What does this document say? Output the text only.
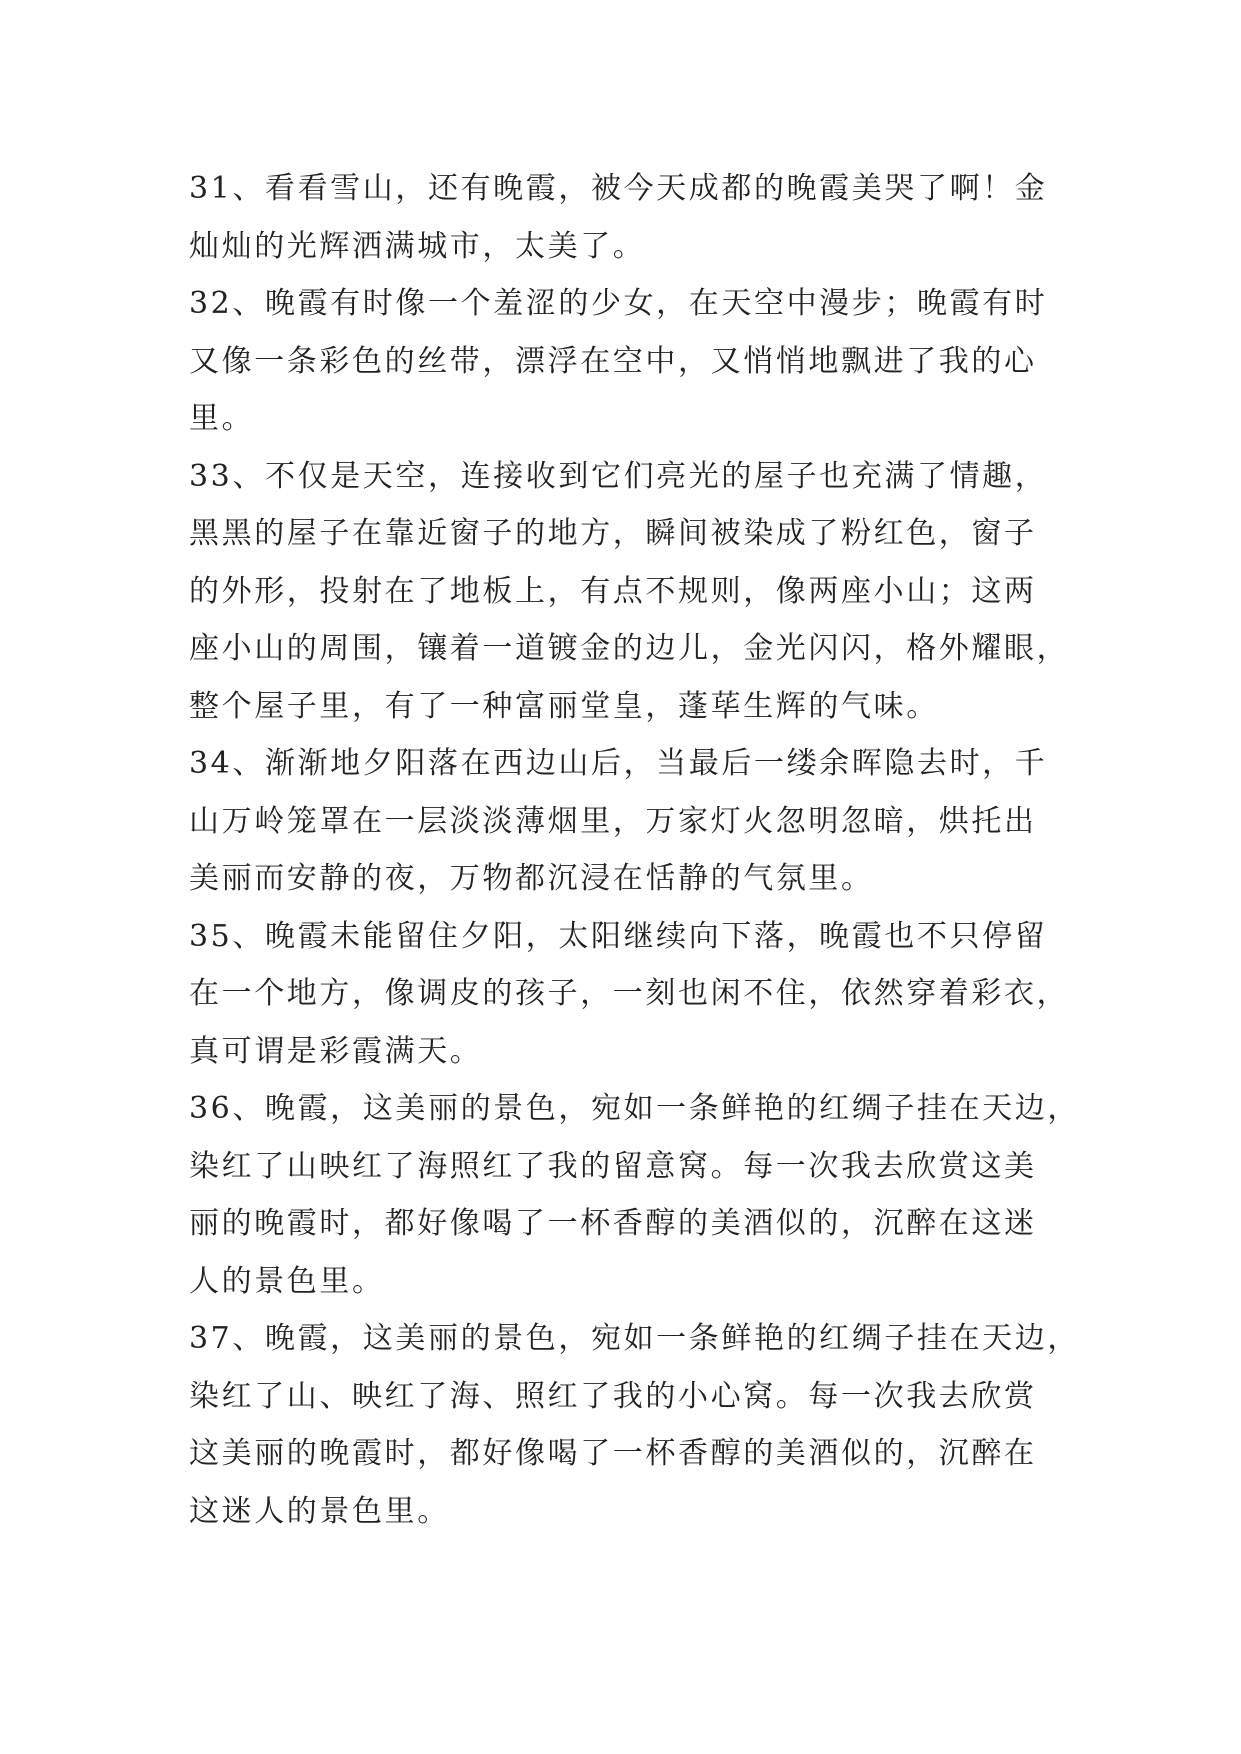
31、看看雪山，还有晚霞，被今天成都的晚霞美哭了啊！金
灿灿的光辉洒满城市，太美了。
32、晚霞有时像一个羞涩的少女，在天空中漫步；晚霞有时
又像一条彩色的丝带，漂浮在空中，又悄悄地飘进了我的心
里。
33、不仅是天空，连接收到它们亮光的屋子也充满了情趣，
黑黑的屋子在靠近窗子的地方，瞬间被染成了粉红色，窗子
的外形，投射在了地板上，有点不规则，像两座小山；这两
座小山的周围，镶着一道镀金的边儿，金光闪闪，格外耀眼，
整个屋子里，有了一种富丽堂皇，蓬荜生辉的气味。
34、渐渐地夕阳落在西边山后，当最后一缕余晖隐去时，千
山万岭笼罩在一层淡淡薄烟里，万家灯火忽明忽暗，烘托出
美丽而安静的夜，万物都沉浸在恬静的气氛里。
35、晚霞未能留住夕阳，太阳继续向下落，晚霞也不只停留
在一个地方，像调皮的孩子，一刻也闲不住，依然穿着彩衣，
真可谓是彩霞满天。
36、晚霞，这美丽的景色，宛如一条鲜艳的红绸子挂在天边，
染红了山映红了海照红了我的留意窝。每一次我去欣赏这美
丽的晚霞时，都好像喝了一杯香醇的美酒似的，沉醉在这迷
人的景色里。
37、晚霞，这美丽的景色，宛如一条鲜艳的红绸子挂在天边，
染红了山、映红了海、照红了我的小心窝。每一次我去欣赏
这美丽的晚霞时，都好像喝了一杯香醇的美酒似的，沉醉在
这迷人的景色里。
